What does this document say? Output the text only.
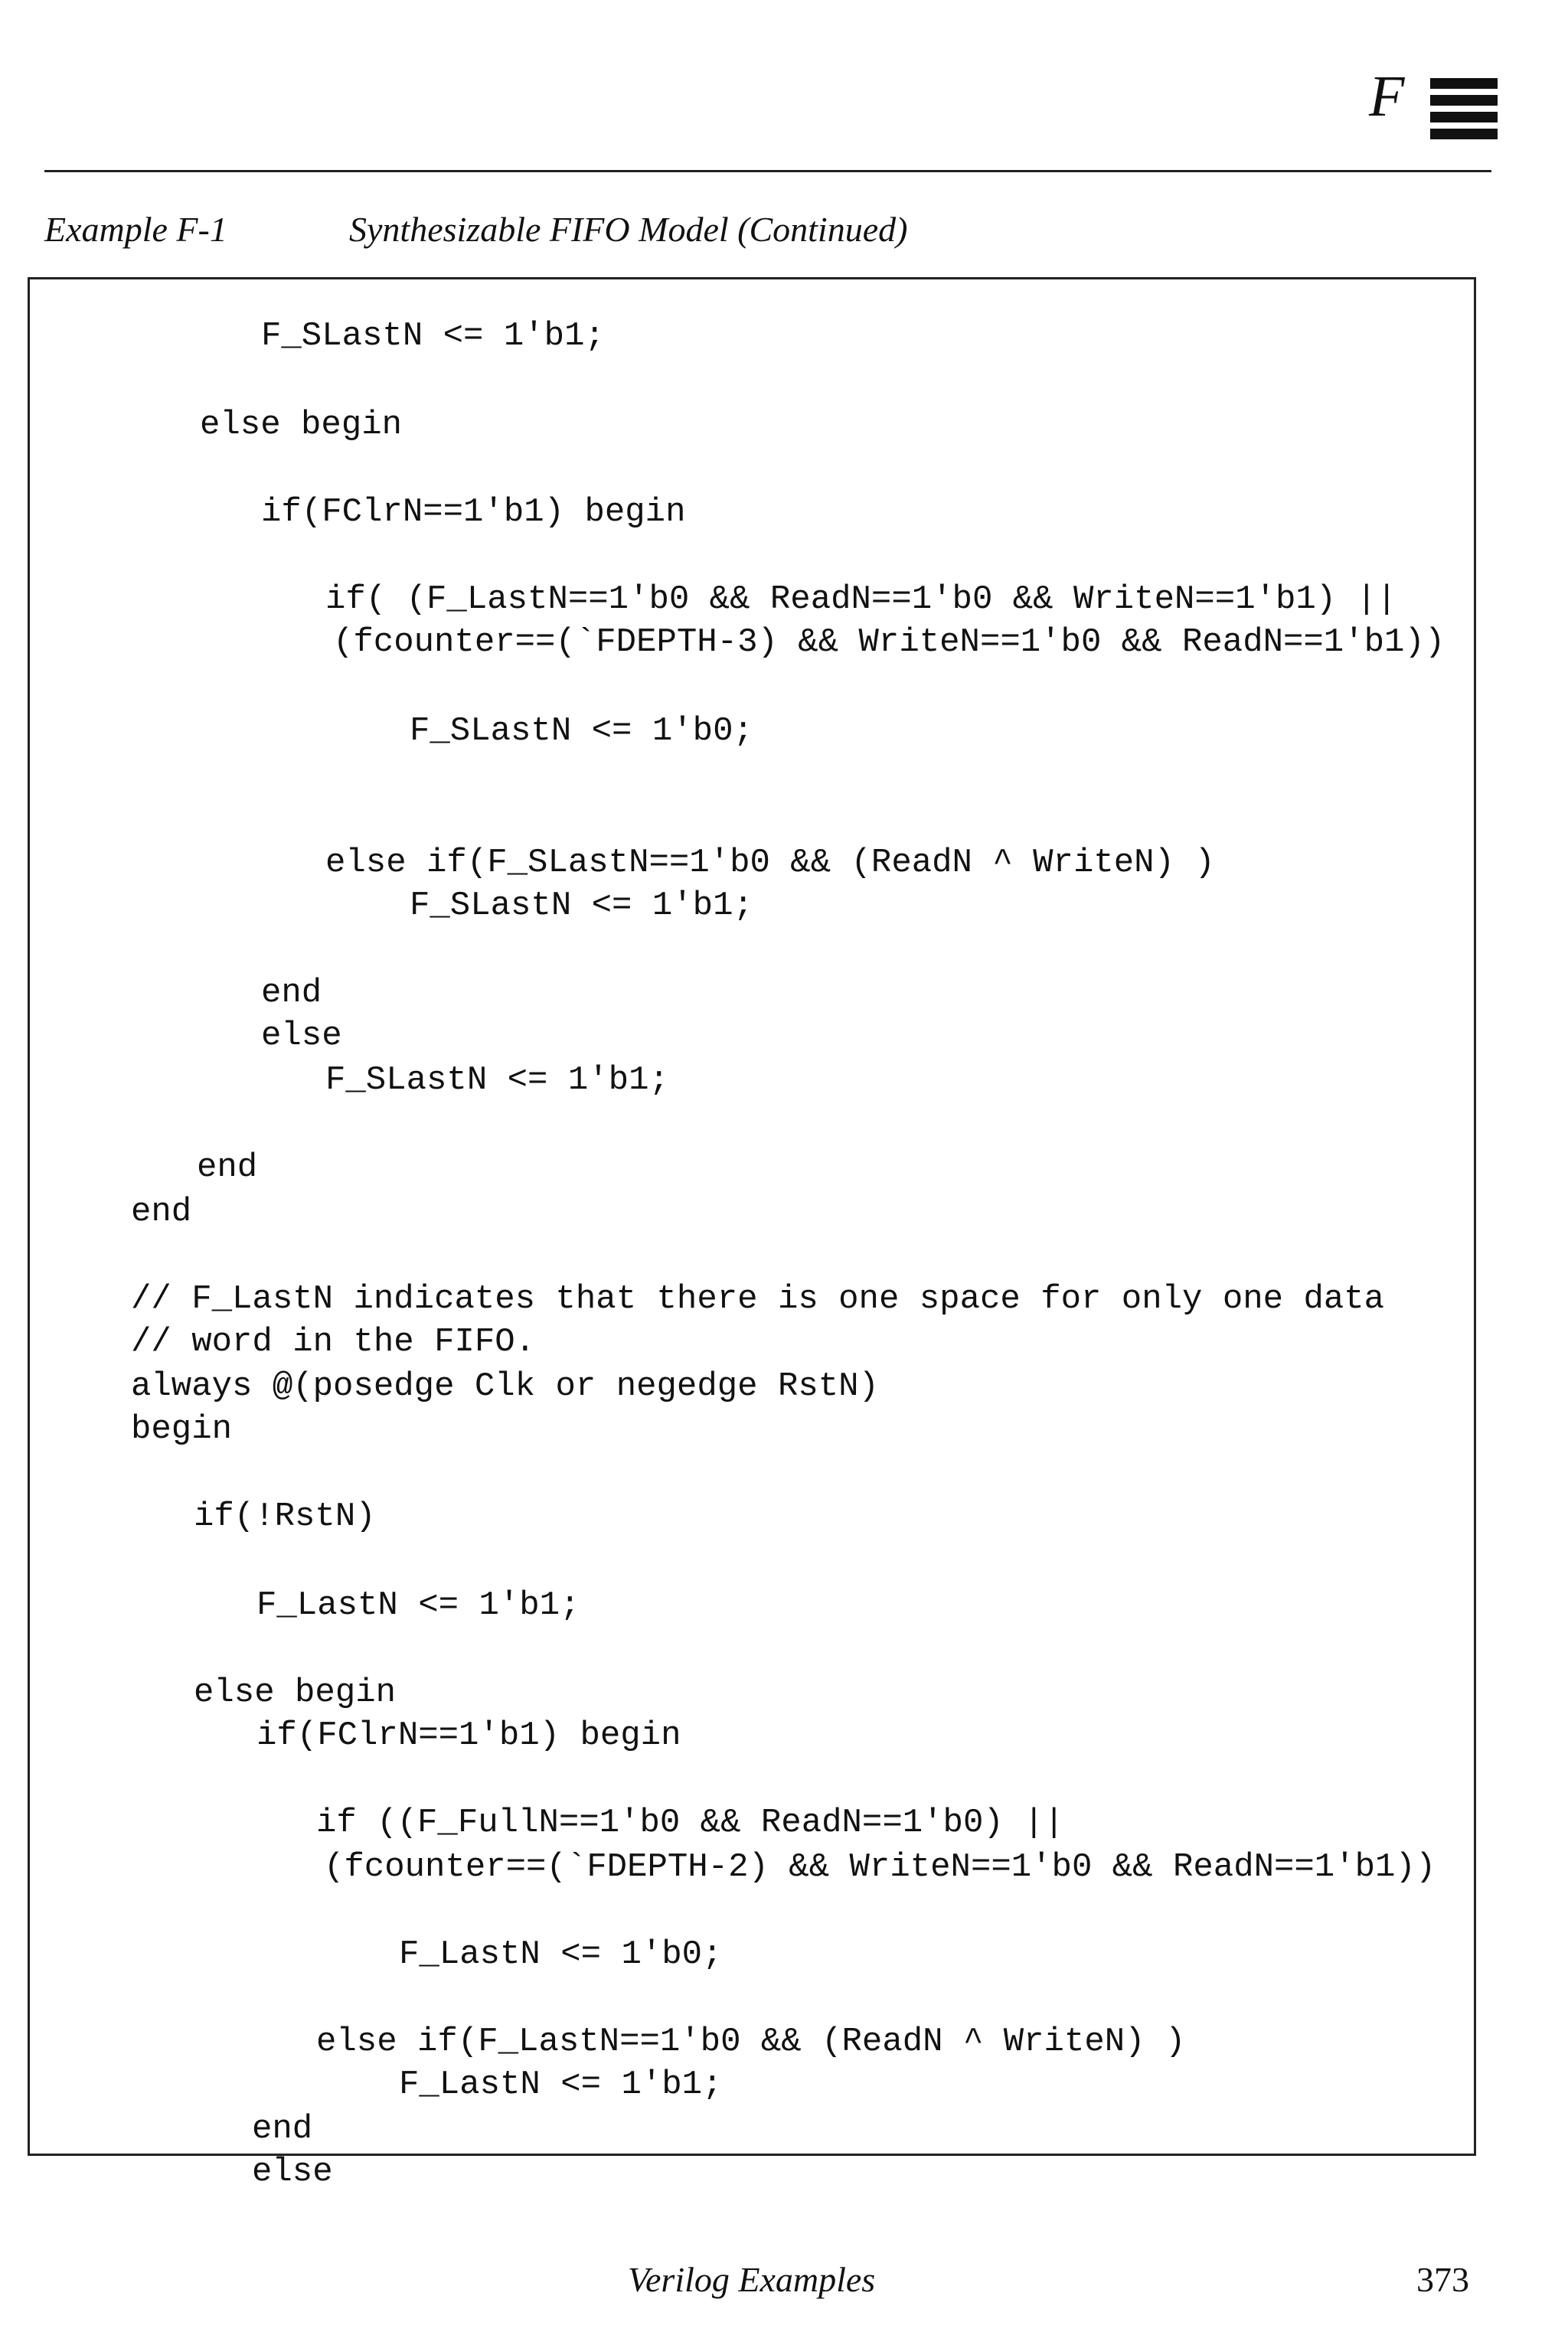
F
Example F-1	Synthesizable FIFO Model (Continued)
F_SLastN <= 1'b1;
else begin
if(FClrN==1'b1) begin
if( (F_LastN==1'b0 && ReadN==1'b0 && WriteN==1'b1) ||
(fcounter==(`FDEPTH-3) && WriteN==1'b0 && ReadN==1'b1))
F_SLastN <= 1'b0;
else if(F_SLastN==1'b0 && (ReadN ^ WriteN) )
F_SLastN <= 1'b1;
end
else
F_SLastN <= 1'b1;
end
end
// F_LastN indicates that there is one space for only one data
// word in the FIFO.
always @(posedge Clk or negedge RstN)
begin
if(!RstN)
F_LastN <= 1'b1;
else begin
if(FClrN==1'b1) begin
if ((F_FullN==1'b0 && ReadN==1'b0) ||
(fcounter==(`FDEPTH-2) && WriteN==1'b0 && ReadN==1'b1))
F_LastN <= 1'b0;
else if(F_LastN==1'b0 && (ReadN ^ WriteN) )
F_LastN <= 1'b1;
end
else
Verilog Examples	373
